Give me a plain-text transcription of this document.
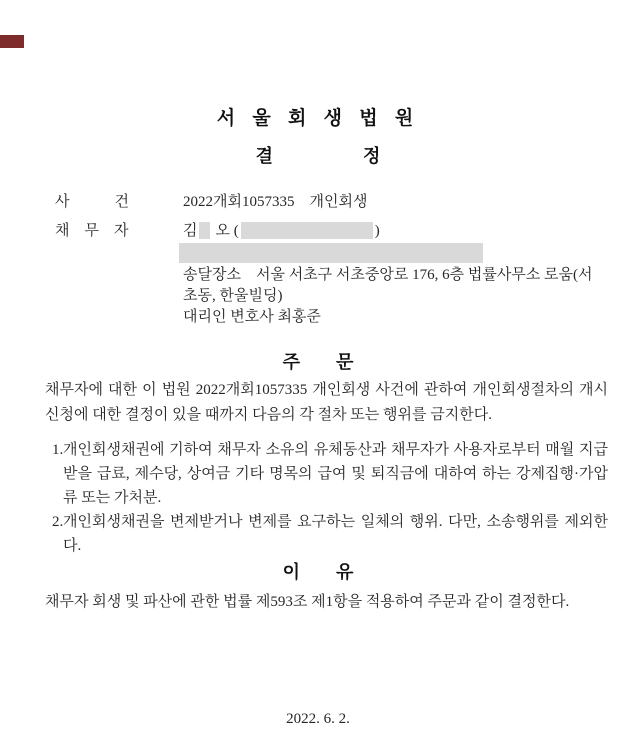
서 울 회 생 법 원
결　　　　　정
사　　　건	2022개회1057335　개인회생
채　무　자	김 오 (	)
송달장소　서울 서초구 서초중앙로 176, 6층 법률사무소 로움(서
초동, 한울빌딩)
대리인 변호사 최홍준
주　　문
채무자에 대한 이 법원 2022개회1057335 개인회생 사건에 관하여 개인회생절차의 개시신청에 대한 결정이 있을 때까지 다음의 각 절차 또는 행위를 금지한다.
1. 개인회생채권에 기하여 채무자 소유의 유체동산과 채무자가 사용자로부터 매월 지급받을 급료, 제수당, 상여금 기타 명목의 급여 및 퇴직금에 대하여 하는 강제집행·가압류 또는 가처분.
2. 개인회생채권을 변제받거나 변제를 요구하는 일체의 행위. 다만, 소송행위를 제외한다.
이　　유
채무자 회생 및 파산에 관한 법률 제593조 제1항을 적용하여 주문과 같이 결정한다.
2022. 6. 2.
